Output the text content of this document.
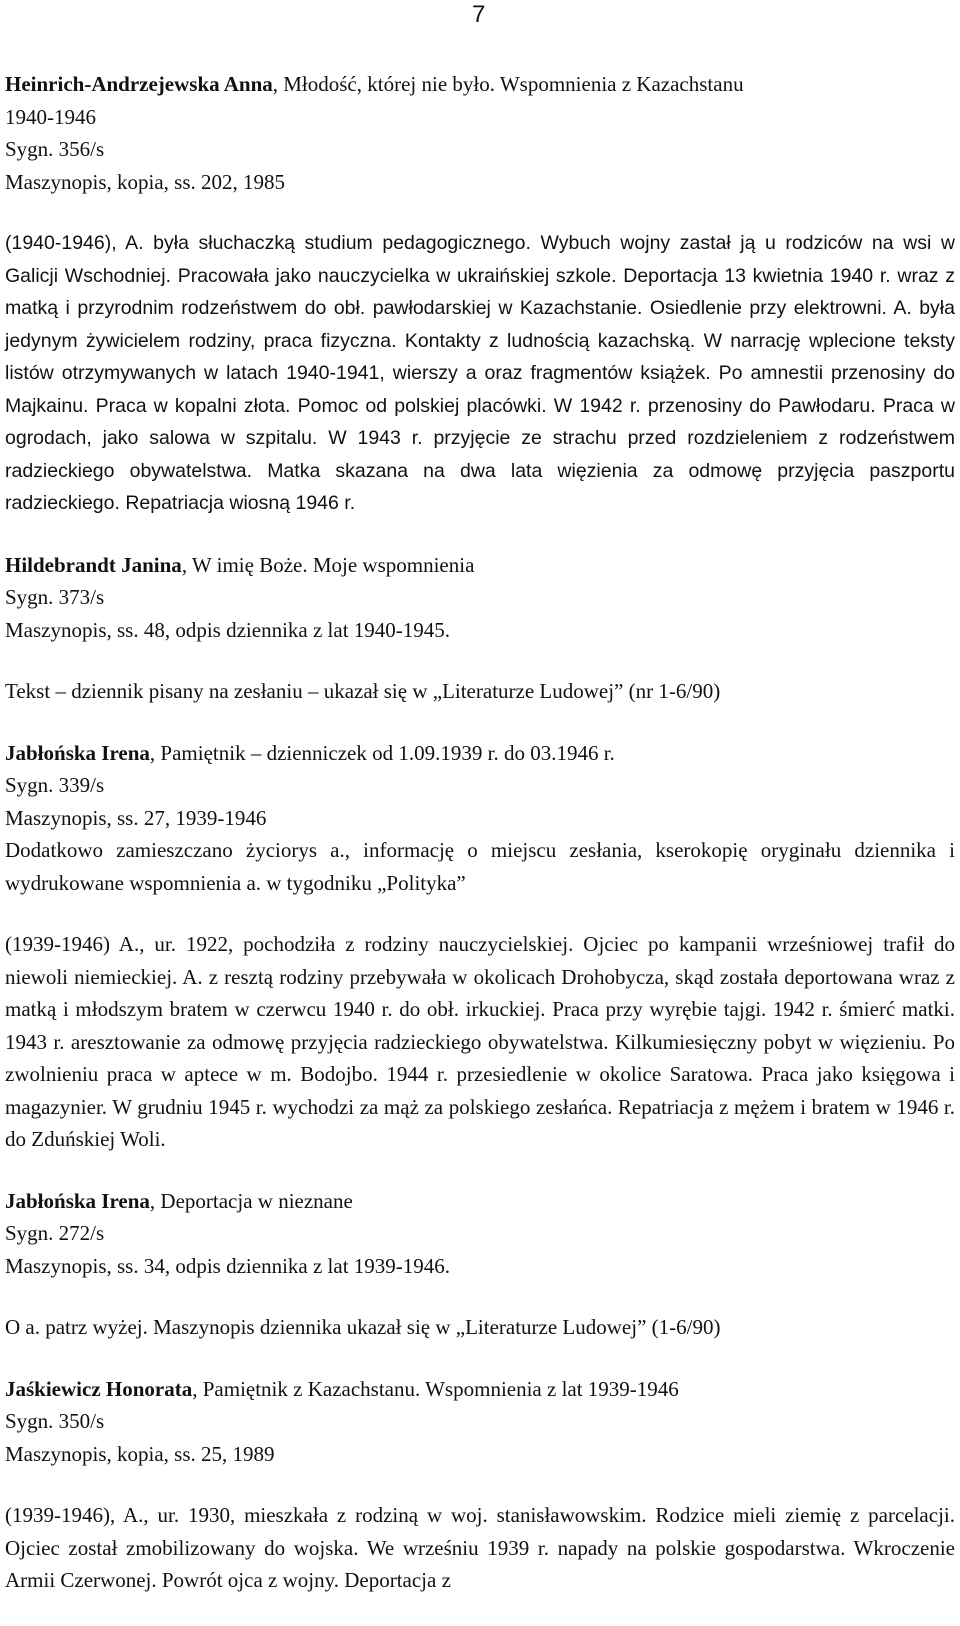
7
Heinrich-Andrzejewska Anna, Młodość, której nie było. Wspomnienia z Kazachstanu
1940-1946
Sygn. 356/s
Maszynopis, kopia, ss. 202, 1985
(1940-1946), A. była słuchaczką studium pedagogicznego. Wybuch wojny zastał ją u rodziców na wsi w Galicji Wschodniej. Pracowała jako nauczycielka w ukraińskiej szkole. Deportacja 13 kwietnia 1940 r. wraz z matką i przyrodnim rodzeństwem do obł. pawłodarskiej w Kazachstanie. Osiedlenie przy elektrowni. A. była jedynym żywicielem rodziny, praca fizyczna. Kontakty z ludnością kazachską. W narrację wplecione teksty listów otrzymywanych w latach 1940-1941, wierszy a oraz fragmentów książek. Po amnestii przenosiny do Majkainu. Praca w kopalni złota. Pomoc od polskiej placówki. W 1942 r. przenosiny do Pawłodaru. Praca w ogrodach, jako salowa w szpitalu. W 1943 r. przyjęcie ze strachu przed rozdzieleniem z rodzeństwem radzieckiego obywatelstwa. Matka skazana na dwa lata więzienia za odmowę przyjęcia paszportu radzieckiego. Repatriacja wiosną 1946 r.
Hildebrandt Janina, W imię Boże. Moje wspomnienia
Sygn. 373/s
Maszynopis, ss. 48, odpis dziennika z lat 1940-1945.
Tekst – dziennik pisany na zesłaniu – ukazał się w „Literaturze Ludowej” (nr 1-6/90)
Jabłońska Irena, Pamiętnik – dzienniczek od 1.09.1939 r. do 03.1946 r.
Sygn. 339/s
Maszynopis, ss. 27, 1939-1946
Dodatkowo zamieszczano życiorys a., informację o miejscu zesłania, kserokopię oryginału dziennika i wydrukowane wspomnienia a. w tygodniku „Polityka”
(1939-1946) A., ur. 1922, pochodziła z rodziny nauczycielskiej. Ojciec po kampanii wrześniowej trafił do niewoli niemieckiej. A. z resztą rodziny przebywała w okolicach Drohobycza, skąd została deportowana wraz z matką i młodszym bratem w czerwcu 1940 r. do obł. irkuckiej. Praca przy wyrębie tajgi. 1942 r. śmierć matki. 1943 r. aresztowanie za odmowę przyjęcia radzieckiego obywatelstwa. Kilkumiesięczny pobyt w więzieniu. Po zwolnieniu praca w aptece w m. Bodojbo. 1944 r. przesiedlenie w okolice Saratowa. Praca jako księgowa i magazynier. W grudniu 1945 r. wychodzi za mąż za polskiego zesłańca. Repatriacja z mężem i bratem w 1946 r. do Zduńskiej Woli.
Jabłońska Irena, Deportacja w nieznane
Sygn. 272/s
Maszynopis, ss. 34, odpis dziennika z lat 1939-1946.
O a. patrz wyżej. Maszynopis dziennika ukazał się w „Literaturze Ludowej” (1-6/90)
Jaśkiewicz Honorata, Pamiętnik z Kazachstanu. Wspomnienia z lat 1939-1946
Sygn. 350/s
Maszynopis, kopia, ss. 25, 1989
(1939-1946), A., ur. 1930, mieszkała z rodziną w woj. stanisławowskim. Rodzice mieli ziemię z parcelacji. Ojciec został zmobilizowany do wojska. We wrześniu 1939 r. napady na polskie gospodarstwa. Wkroczenie Armii Czerwonej. Powrót ojca z wojny. Deportacja z
